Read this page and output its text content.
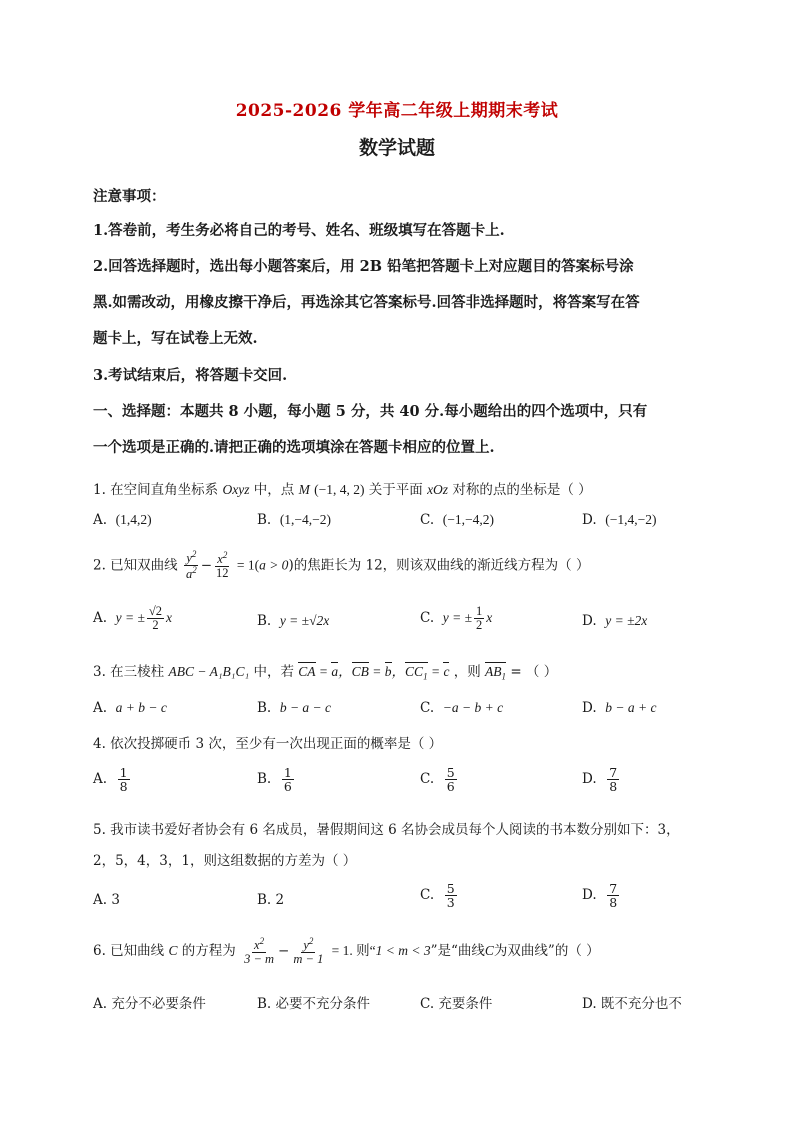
2025-2026 学年高二年级上期期末考试
数学试题
注意事项：
1.答卷前，考生务必将自己的考号、姓名、班级填写在答题卡上.
2.回答选择题时，选出每小题答案后，用 2B 铅笔把答题卡上对应题目的答案标号涂
黑.如需改动，用橡皮擦干净后，再选涂其它答案标号.回答非选择题时，将答案写在答
题卡上，写在试卷上无效.
3.考试结束后，将答题卡交回.
一、选择题：本题共 8 小题，每小题 5 分，共 40 分.每小题给出的四个选项中，只有
一个选项是正确的.请把正确的选项填涂在答题卡相应的位置上.
1. 在空间直角坐标系 Oxyz 中，点 M (−1, 4, 2) 关于平面 xOz 对称的点的坐标是（ ）
A. (1,4,2)	B. (1,−4,−2)	C. (−1,−4,2)	D. (−1,4,−2)
2. 已知双曲线 $\frac{y^2}{a^2} - \frac{x^2}{12} = 1(a > 0)$的焦距长为 12，则该双曲线的渐近线方程为（ ）
A. y = ± $\frac{√2}{2}$ x	B. y = ±√2x	C. y = ± $\frac{1}{2}$ x	D. y = ±2x
3. 在三棱柱 ABC − A₁B₁C₁ 中，若 CA = a，CB = b，$CC_1 = c$ ，则 $AB_1$ = （ ）
A. a + b − c	B. b − a − c	C. −a − b + c	D. b − a + c
4. 依次投掷硬币 3 次，至少有一次出现正面的概率是（ ）
A. $\frac{1}{8}$	B. $\frac{1}{6}$	C. $\frac{5}{6}$	D. $\frac{7}{8}$
5. 我市读书爱好者协会有 6 名成员，暑假期间这 6 名协会成员每个人阅读的书本数分别如下：3，
2，5，4，3，1，则这组数据的方差为（ ）
A. 3	B. 2	C. $\frac{5}{3}$	D. $\frac{7}{8}$
6. 已知曲线 C 的方程为 $\frac{x^2}{3 - m} - \frac{y^2}{m - 1} = 1$. 则“1 < m < 3”是“曲线C为双曲线”的（ ）
A. 充分不必要条件	B. 必要不充分条件	C. 充要条件	D. 既不充分也不
